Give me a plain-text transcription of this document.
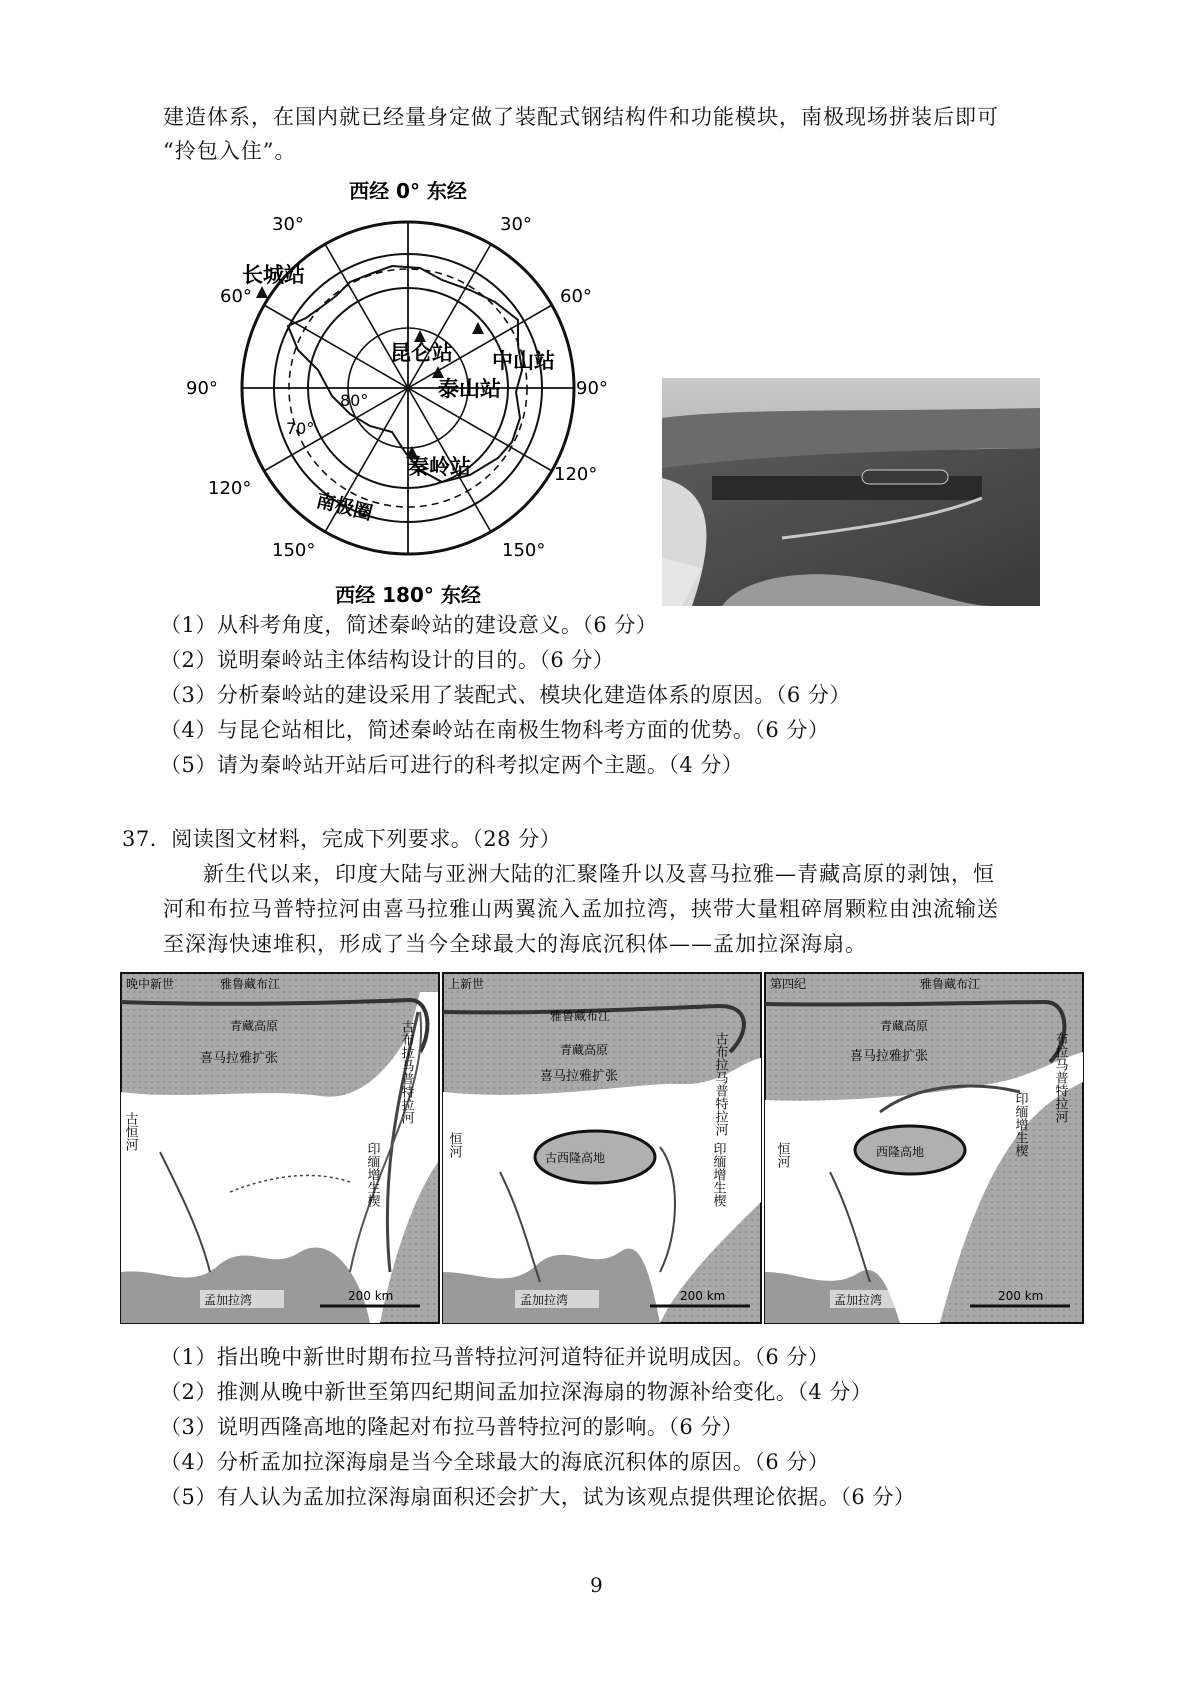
建造体系，在国内就已经量身定做了装配式钢结构件和功能模块，南极现场拼装后即可
“拎包入住”。
西经 0° 东经
西经 180° 东经
30°	30°
60°	60°
90°	90°
120°
120°
150°	150°
80°
70°
长城站
昆仑站 中山站
泰山站
秦岭站
南极圈
（1）从科考角度，简述秦岭站的建设意义。（6 分）
（2）说明秦岭站主体结构设计的目的。（6 分）
（3）分析秦岭站的建设采用了装配式、模块化建造体系的原因。（6 分）
（4）与昆仑站相比，简述秦岭站在南极生物科考方面的优势。（6 分）
（5）请为秦岭站开站后可进行的科考拟定两个主题。（4 分）
37．阅读图文材料，完成下列要求。（28 分）
新生代以来，印度大陆与亚洲大陆的汇聚隆升以及喜马拉雅—青藏高原的剥蚀，恒
河和布拉马普特拉河由喜马拉雅山两翼流入孟加拉湾，挟带大量粗碎屑颗粒由浊流输送
至深海快速堆积，形成了当今全球最大的海底沉积体——孟加拉深海扇。
晚中新世	雅鲁藏布江
青藏高原
喜马拉雅扩张
古恒河
古布拉马普特拉河
印缅增生楔
孟加拉湾	200 km
上新世
雅鲁藏布江
青藏高原
喜马拉雅扩张
恒河	古西隆高地
古布拉马普特拉河
印缅增生楔
孟加拉湾	200 km
第四纪	雅鲁藏布江
青藏高原
喜马拉雅扩张
恒河	西隆高地
布拉马普特拉河
印缅增生楔
孟加拉湾	200 km
（1）指出晚中新世时期布拉马普特拉河河道特征并说明成因。（6 分）
（2）推测从晚中新世至第四纪期间孟加拉深海扇的物源补给变化。（4 分）
（3）说明西隆高地的隆起对布拉马普特拉河的影响。（6 分）
（4）分析孟加拉深海扇是当今全球最大的海底沉积体的原因。（6 分）
（5）有人认为孟加拉深海扇面积还会扩大，试为该观点提供理论依据。（6 分）
9
